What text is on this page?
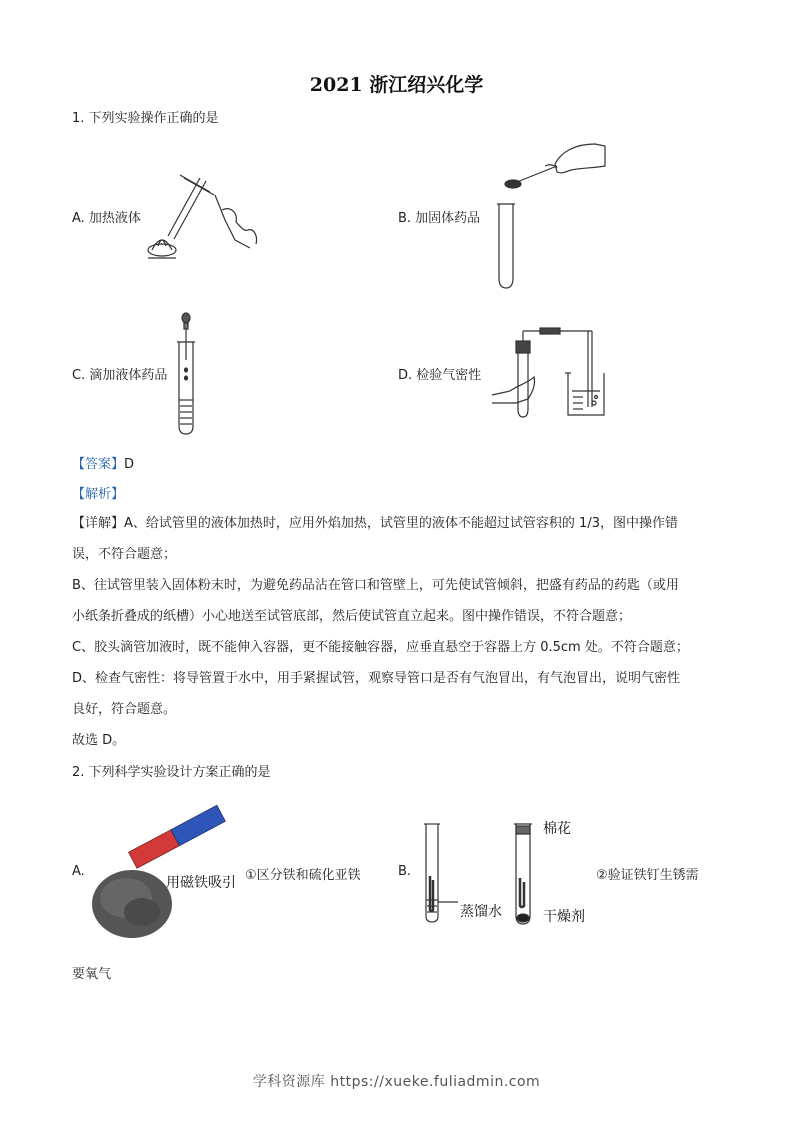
2021 浙江绍兴化学
1. 下列实验操作正确的是
A. 加热液体	B. 加固体药品
C. 滴加液体药品	D. 检验气密性
【答案】D
【解析】
【详解】A、给试管里的液体加热时，应用外焰加热，试管里的液体不能超过试管容积的 1/3，图中操作错
误，不符合题意；
B、往试管里装入固体粉末时，为避免药品沾在管口和管壁上，可先使试管倾斜，把盛有药品的药匙（或用
小纸条折叠成的纸槽）小心地送至试管底部，然后使试管直立起来。图中操作错误，不符合题意；
C、胶头滴管加液时，既不能伸入容器，更不能接触容器，应垂直悬空于容器上方 0.5cm 处。不符合题意；
D、检查气密性：将导管置于水中，用手紧握试管，观察导管口是否有气泡冒出，有气泡冒出，说明气密性
良好，符合题意。
故选 D。
2. 下列科学实验设计方案正确的是
A.
用磁铁吸引 ①区分铁和硫化亚铁	B.
棉花
蒸馏水	干燥剂
②验证铁钉生锈需
要氧气
学科资源库 https://xueke.fuliadmin.com
